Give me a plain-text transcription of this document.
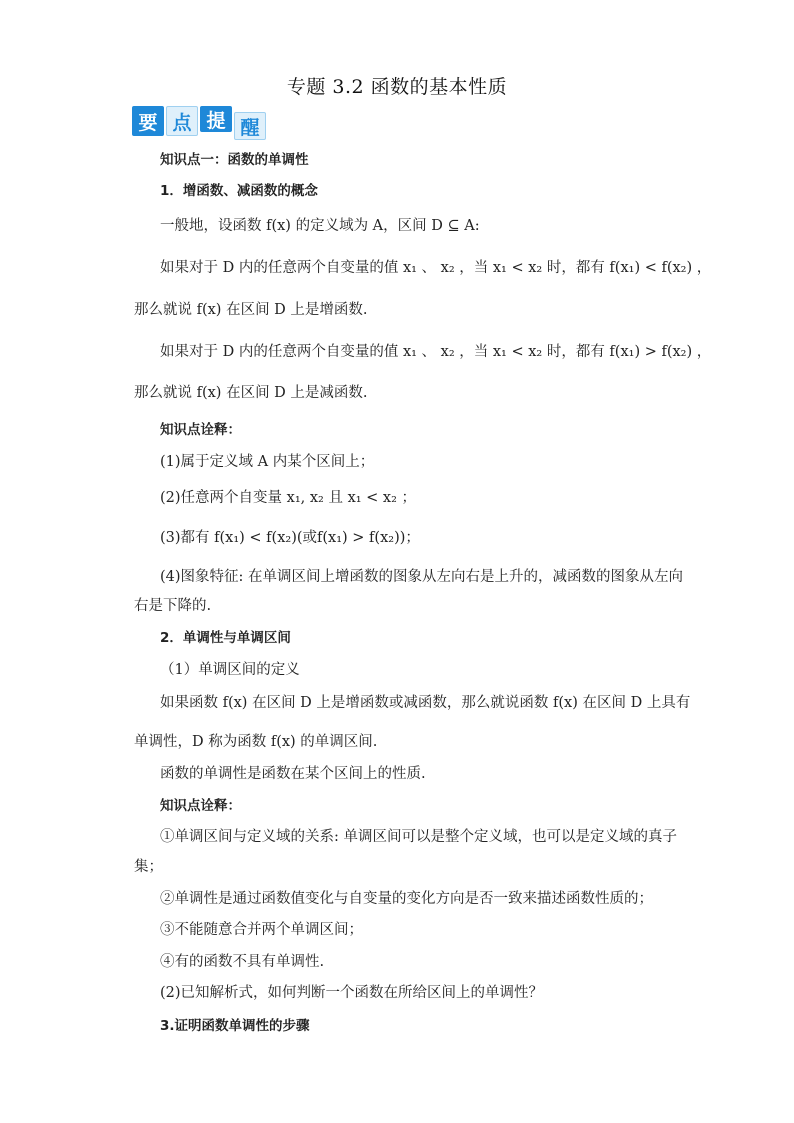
专题 3.2 函数的基本性质
要 点 提 醒
知识点一：函数的单调性
1．增函数、减函数的概念
一般地，设函数 f(x) 的定义域为 A，区间 D ⊆ A:
如果对于 D 内的任意两个自变量的值 x₁ 、 x₂ ，当 x₁ < x₂ 时，都有 f(x₁) < f(x₂) ，
那么就说 f(x) 在区间 D 上是增函数.
如果对于 D 内的任意两个自变量的值 x₁ 、 x₂ ，当 x₁ < x₂ 时，都有 f(x₁) > f(x₂) ，
那么就说 f(x) 在区间 D 上是减函数.
知识点诠释：
(1)属于定义域 A 内某个区间上；
(2)任意两个自变量 x₁, x₂ 且 x₁ < x₂ ；
(3)都有 f(x₁) < f(x₂)(或f(x₁) > f(x₂))；
(4)图象特征: 在单调区间上增函数的图象从左向右是上升的，减函数的图象从左向
右是下降的.
2．单调性与单调区间
（1）单调区间的定义
如果函数 f(x) 在区间 D 上是增函数或减函数，那么就说函数 f(x) 在区间 D 上具有
单调性，D 称为函数 f(x) 的单调区间.
函数的单调性是函数在某个区间上的性质.
知识点诠释：
①单调区间与定义域的关系: 单调区间可以是整个定义域，也可以是定义域的真子
集；
②单调性是通过函数值变化与自变量的变化方向是否一致来描述函数性质的；
③不能随意合并两个单调区间；
④有的函数不具有单调性.
(2)已知解析式，如何判断一个函数在所给区间上的单调性？
3.证明函数单调性的步骤
